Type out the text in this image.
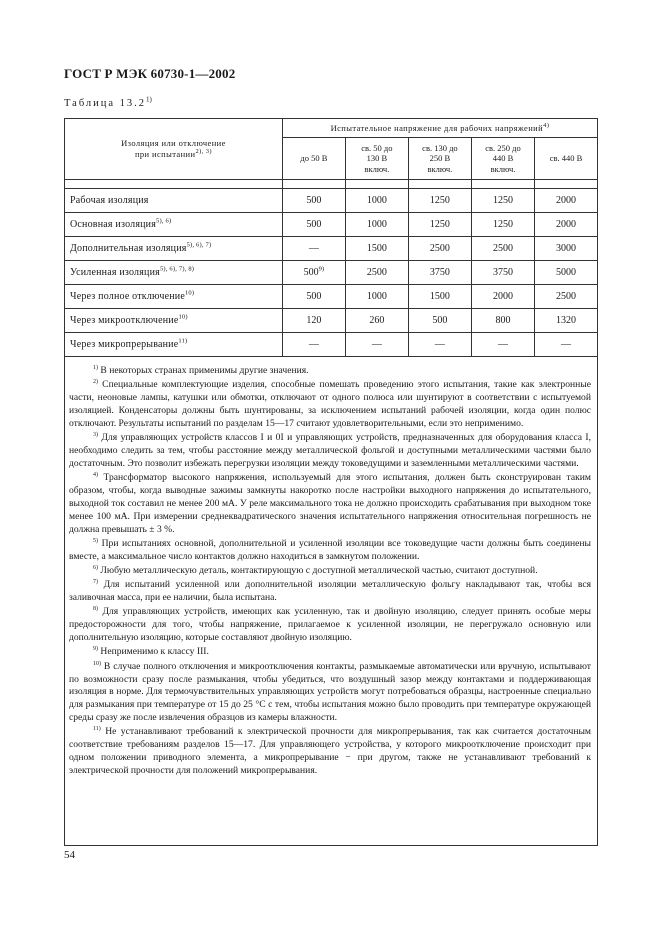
ГОСТ Р МЭК 60730-1—2002
Таблица 13.2$^{1)}$
Изоляция или отключение
при испытании$^{2), 3)}$	Испытательное напряжение для рабочих напряжений$^{4)}$
	до 50 В	св. 50 до
130 В
включ.	св. 130 до
250 В
включ.	св. 250 до
440 В
включ.	св. 440 В

Рабочая изоляция	500	1000	1250	1250	2000
Основная изоляция$^{5), 6)}$	500	1000	1250	1250	2000
Дополнительная изоляция$^{5), 6), 7)}$	—	1500	2500	2500	3000
Усиленная изоляция$^{5), 6), 7), 8)}$	500$^{9)}$	2500	3750	3750	5000
Через полное отключение$^{10)}$	500	1000	1500	2000	2500
Через микроотключение$^{10)}$	120	260	500	800	1320
Через микропрерывание$^{11)}$	—	—	—	—	—

$^{1)}$ В некоторых странах применимы другие значения.

$^{2)}$ Специальные комплектующие изделия, способные помешать проведению этого испытания, такие как электронные части, неоновые лампы, катушки или обмотки, отключают от одного полюса или шунтируют в соответствии с испытуемой изоляцией. Конденсаторы должны быть шунтированы, за исключением испытаний рабочей изоляции, когда один полюс отключают. Результаты испытаний по разделам 15—17 считают удовлетворительными, если это неприменимо.

$^{3)}$ Для управляющих устройств классов I и 0I и управляющих устройств, предназначенных для оборудования класса I, необходимо следить за тем, чтобы расстояние между металлической фольгой и доступными металлическими частями было достаточным. Это позволит избежать перегрузки изоляции между токоведущими и заземленными металлическими частями.

$^{4)}$ Трансформатор высокого напряжения, используемый для этого испытания, должен быть сконструирован таким образом, чтобы, когда выводные зажимы замкнуты накоротко после настройки выходного напряжения до испытательного, выходной ток составил не менее 200 мА. У реле максимального тока не должно происходить срабатывания при выходном токе менее 100 мА. При измерении среднеквадратического значения испытательного напряжения относительная погрешность не должна превышать ± 3 %.

$^{5)}$ При испытаниях основной, дополнительной и усиленной изоляции все токоведущие части должны быть соединены вместе, а максимальное число контактов должно находиться в замкнутом положении.

$^{6)}$ Любую металлическую деталь, контактирующую с доступной металлической частью, считают доступной.

$^{7)}$ Для испытаний усиленной или дополнительной изоляции металлическую фольгу накладывают так, чтобы вся заливочная масса, при ее наличии, была испытана.

$^{8)}$ Для управляющих устройств, имеющих как усиленную, так и двойную изоляцию, следует принять особые меры предосторожности для того, чтобы напряжение, прилагаемое к усиленной изоляции, не перегружало основную или дополнительную изоляцию, которые составляют двойную изоляцию.

$^{9)}$ Неприменимо к классу III.

$^{10)}$ В случае полного отключения и микроотключения контакты, размыкаемые автоматически или вручную, испытывают по возможности сразу после размыкания, чтобы убедиться, что воздушный зазор между контактами и поддерживающая изоляция в норме. Для термочувствительных управляющих устройств могут потребоваться образцы, настроенные специально для размыкания при температуре от 15 до 25 °С с тем, чтобы испытания можно было проводить при температуре окружающей среды сразу же после извлечения образцов из камеры влажности.

$^{11)}$ Не устанавливают требований к электрической прочности для микропрерывания, так как считается достаточным соответствие требованиям разделов 15—17. Для управляющего устройства, у которого микроотключение происходит при одном положении приводного элемента, а микропрерывание − при другом, также не устанавливают требований к электрической прочности для положений микропрерывания.

54
